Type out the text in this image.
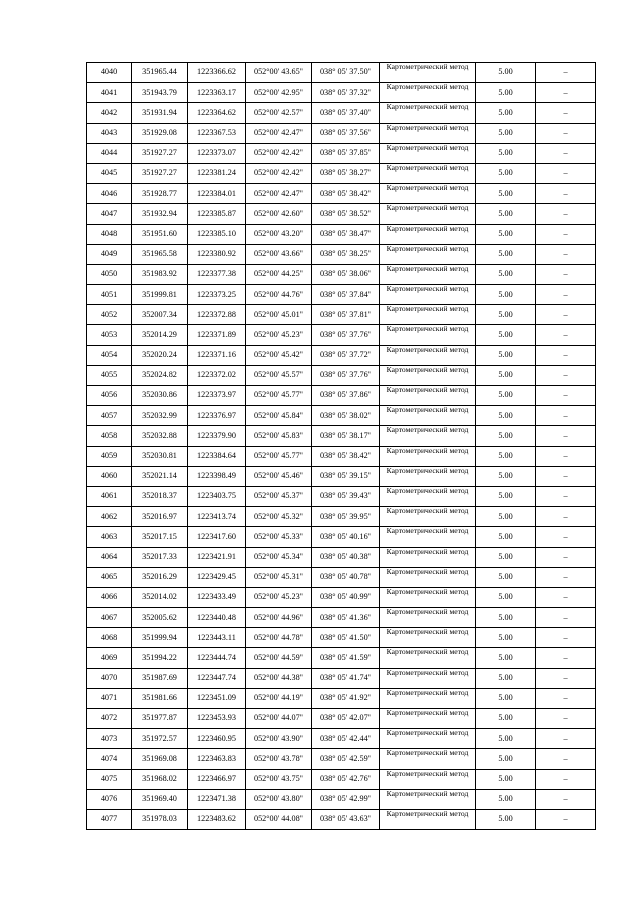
4040	351965.44	1223366.62	052°00' 43.65"	038° 05' 37.50"	Картометрический метод	5.00	–
4041	351943.79	1223363.17	052°00' 42.95"	038° 05' 37.32"	Картометрический метод	5.00	–
4042	351931.94	1223364.62	052°00' 42.57"	038° 05' 37.40"	Картометрический метод	5.00	–
4043	351929.08	1223367.53	052°00' 42.47"	038° 05' 37.56"	Картометрический метод	5.00	–
4044	351927.27	1223373.07	052°00' 42.42"	038° 05' 37.85"	Картометрический метод	5.00	–
4045	351927.27	1223381.24	052°00' 42.42"	038° 05' 38.27"	Картометрический метод	5.00	–
4046	351928.77	1223384.01	052°00' 42.47"	038° 05' 38.42"	Картометрический метод	5.00	–
4047	351932.94	1223385.87	052°00' 42.60"	038° 05' 38.52"	Картометрический метод	5.00	–
4048	351951.60	1223385.10	052°00' 43.20"	038° 05' 38.47"	Картометрический метод	5.00	–
4049	351965.58	1223380.92	052°00' 43.66"	038° 05' 38.25"	Картометрический метод	5.00	–
4050	351983.92	1223377.38	052°00' 44.25"	038° 05' 38.06"	Картометрический метод	5.00	–
4051	351999.81	1223373.25	052°00' 44.76"	038° 05' 37.84"	Картометрический метод	5.00	–
4052	352007.34	1223372.88	052°00' 45.01"	038° 05' 37.81"	Картометрический метод	5.00	–
4053	352014.29	1223371.89	052°00' 45.23"	038° 05' 37.76"	Картометрический метод	5.00	–
4054	352020.24	1223371.16	052°00' 45.42"	038° 05' 37.72"	Картометрический метод	5.00	–
4055	352024.82	1223372.02	052°00' 45.57"	038° 05' 37.76"	Картометрический метод	5.00	–
4056	352030.86	1223373.97	052°00' 45.77"	038° 05' 37.86"	Картометрический метод	5.00	–
4057	352032.99	1223376.97	052°00' 45.84"	038° 05' 38.02"	Картометрический метод	5.00	–
4058	352032.88	1223379.90	052°00' 45.83"	038° 05' 38.17"	Картометрический метод	5.00	–
4059	352030.81	1223384.64	052°00' 45.77"	038° 05' 38.42"	Картометрический метод	5.00	–
4060	352021.14	1223398.49	052°00' 45.46"	038° 05' 39.15"	Картометрический метод	5.00	–
4061	352018.37	1223403.75	052°00' 45.37"	038° 05' 39.43"	Картометрический метод	5.00	–
4062	352016.97	1223413.74	052°00' 45.32"	038° 05' 39.95"	Картометрический метод	5.00	–
4063	352017.15	1223417.60	052°00' 45.33"	038° 05' 40.16"	Картометрический метод	5.00	–
4064	352017.33	1223421.91	052°00' 45.34"	038° 05' 40.38"	Картометрический метод	5.00	–
4065	352016.29	1223429.45	052°00' 45.31"	038° 05' 40.78"	Картометрический метод	5.00	–
4066	352014.02	1223433.49	052°00' 45.23"	038° 05' 40.99"	Картометрический метод	5.00	–
4067	352005.62	1223440.48	052°00' 44.96"	038° 05' 41.36"	Картометрический метод	5.00	–
4068	351999.94	1223443.11	052°00' 44.78"	038° 05' 41.50"	Картометрический метод	5.00	–
4069	351994.22	1223444.74	052°00' 44.59"	038° 05' 41.59"	Картометрический метод	5.00	–
4070	351987.69	1223447.74	052°00' 44.38"	038° 05' 41.74"	Картометрический метод	5.00	–
4071	351981.66	1223451.09	052°00' 44.19"	038° 05' 41.92"	Картометрический метод	5.00	–
4072	351977.87	1223453.93	052°00' 44.07"	038° 05' 42.07"	Картометрический метод	5.00	–
4073	351972.57	1223460.95	052°00' 43.90"	038° 05' 42.44"	Картометрический метод	5.00	–
4074	351969.08	1223463.83	052°00' 43.78"	038° 05' 42.59"	Картометрический метод	5.00	–
4075	351968.02	1223466.97	052°00' 43.75"	038° 05' 42.76"	Картометрический метод	5.00	–
4076	351969.40	1223471.38	052°00' 43.80"	038° 05' 42.99"	Картометрический метод	5.00	–
4077	351978.03	1223483.62	052°00' 44.08"	038° 05' 43.63"	Картометрический метод	5.00	–
